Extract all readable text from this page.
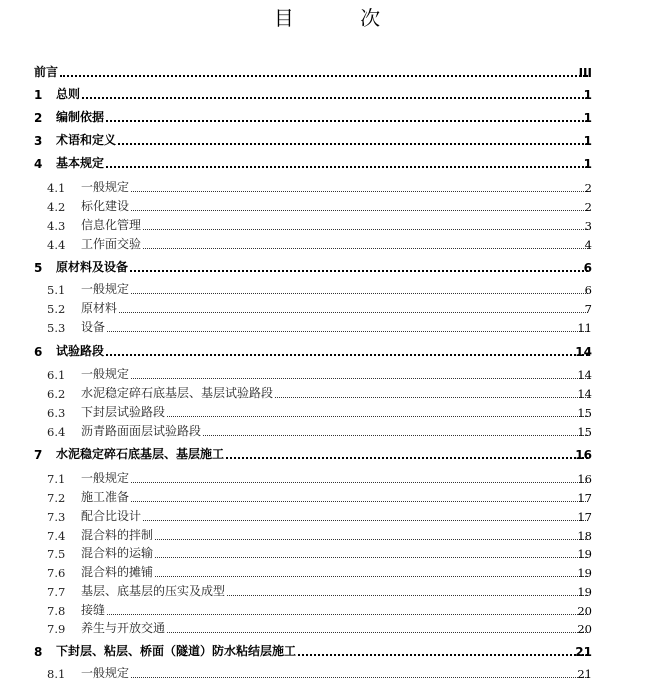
目 次
前言	III
1 总则	1
2 编制依据	1
3 术语和定义	1
4 基本规定	1
4.1 一般规定	2
4.2 标化建设	2
4.3 信息化管理	3
4.4 工作面交验	4
5 原材料及设备	6
5.1 一般规定	6
5.2 原材料	7
5.3 设备	11
6 试验路段	14
6.1 一般规定	14
6.2 水泥稳定碎石底基层、基层试验路段	14
6.3 下封层试验路段	15
6.4 沥青路面面层试验路段	15
7 水泥稳定碎石底基层、基层施工	16
7.1 一般规定	16
7.2 施工准备	17
7.3 配合比设计	17
7.4 混合料的拌制	18
7.5 混合料的运输	19
7.6 混合料的摊铺	19
7.7 基层、底基层的压实及成型	19
7.8 接缝	20
7.9 养生与开放交通	20
8 下封层、粘层、桥面（隧道）防水粘结层施工	21
8.1 一般规定	21
